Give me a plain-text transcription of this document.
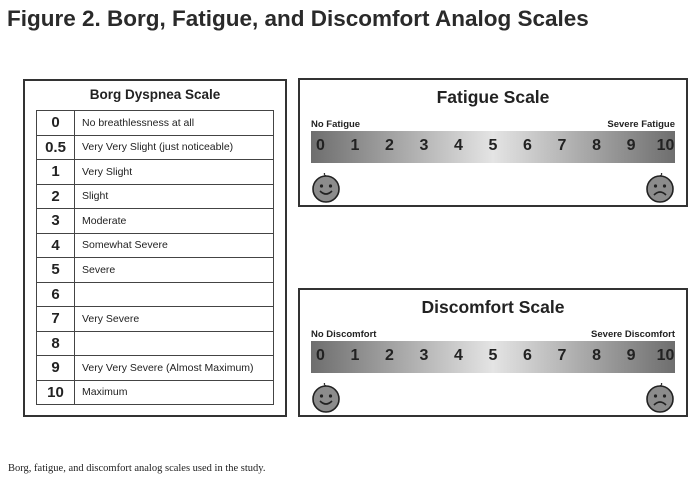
Figure 2. Borg, Fatigue, and Discomfort Analog Scales
Borg Dyspnea Scale
0	No breathlessness at all
0.5	Very Very Slight (just noticeable)
1	Very Slight
2	Slight
3	Moderate
4	Somewhat Severe
5	Severe
6	
7	Very Severe
8	
9	Very Very Severe (Almost Maximum)
10	Maximum
Fatigue Scale
No Fatigue	Severe Fatigue
0 1 2 3 4 5 6 7 8 9 10
Discomfort Scale
No Discomfort	Severe Discomfort
0 1 2 3 4 5 6 7 8 9 10
Borg, fatigue, and discomfort analog scales used in the study.
